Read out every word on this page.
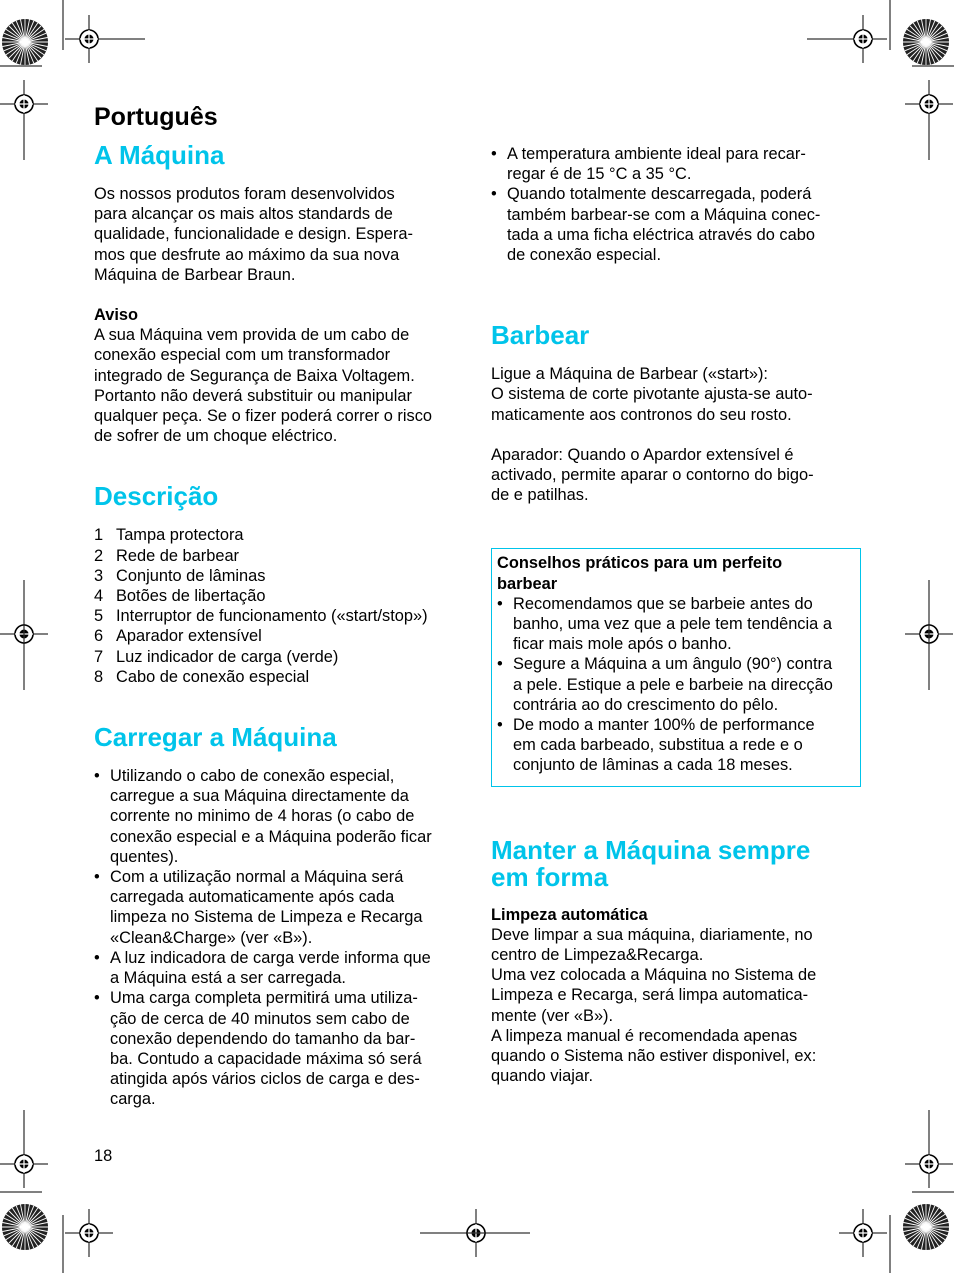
Português
A Máquina

Os nossos produtos foram desenvolvidos

para alcançar os mais altos standards de

qualidade, funcionalidade e design. Espera-

mos que desfrute ao máximo da sua nova

Máquina de Barbear Braun.

Aviso

A sua Máquina vem provida de um cabo de

conexão especial com um transformador

integrado de Segurança de Baixa Voltagem.

Portanto não deverá substituir ou manipular

qualquer peça. Se o fizer poderá correr o risco

de sofrer de um choque eléctrico.

Descrição
1 Tampa protectora
2 Rede de barbear
3 Conjunto de lâminas
4 Botões de libertação
5 Interruptor de funcionamento («start/stop»)
6 Aparador extensível
7 Luz indicador de carga (verde)
8 Cabo de conexão especial
Carregar a Máquina

• Utilizando o cabo de conexão especial,

carregue a sua Máquina directamente da

corrente no minimo de 4 horas (o cabo de

conexão especial e a Máquina poderão ficar

quentes).

• Com a utilização normal a Máquina será

carregada automaticamente após cada

limpeza no Sistema de Limpeza e Recarga

«Clean&Charge» (ver «B»).

• A luz indicadora de carga verde informa que

a Máquina está a ser carregada.

• Uma carga completa permitirá uma utiliza-

ção de cerca de 40 minutos sem cabo de

conexão dependendo do tamanho da bar-

ba. Contudo a capacidade máxima só será

atingida após vários ciclos de carga e des-

carga.

• A temperatura ambiente ideal para recar-

regar é de 15 °C a 35 °C.

• Quando totalmente descarregada, poderá

também barbear-se com a Máquina conec-

tada a uma ficha eléctrica através do cabo

de conexão especial.

Barbear

Ligue a Máquina de Barbear («start»):

O sistema de corte pivotante ajusta-se auto-

maticamente aos contronos do seu rosto.

Aparador: Quando o Apardor extensível é

activado, permite aparar o contorno do bigo-

de e patilhas.

Conselhos práticos para um perfeito

barbear

• Recomendamos que se barbeie antes do

banho, uma vez que a pele tem tendência a

ficar mais mole após o banho.

• Segure a Máquina a um ângulo (90°) contra

a pele. Estique a pele e barbeie na direcção

contrária ao do crescimento do pêlo.

• De modo a manter 100% de performance

em cada barbeado, substitua a rede e o

conjunto de lâminas a cada 18 meses.

Manter a Máquina sempre
em forma

Limpeza automática

Deve limpar a sua máquina, diariamente, no

centro de Limpeza&Recarga.

Uma vez colocada a Máquina no Sistema de

Limpeza e Recarga, será limpa automatica-

mente (ver «B»).

A limpeza manual é recomendada apenas

quando o Sistema não estiver disponivel, ex:

quando viajar.

18
